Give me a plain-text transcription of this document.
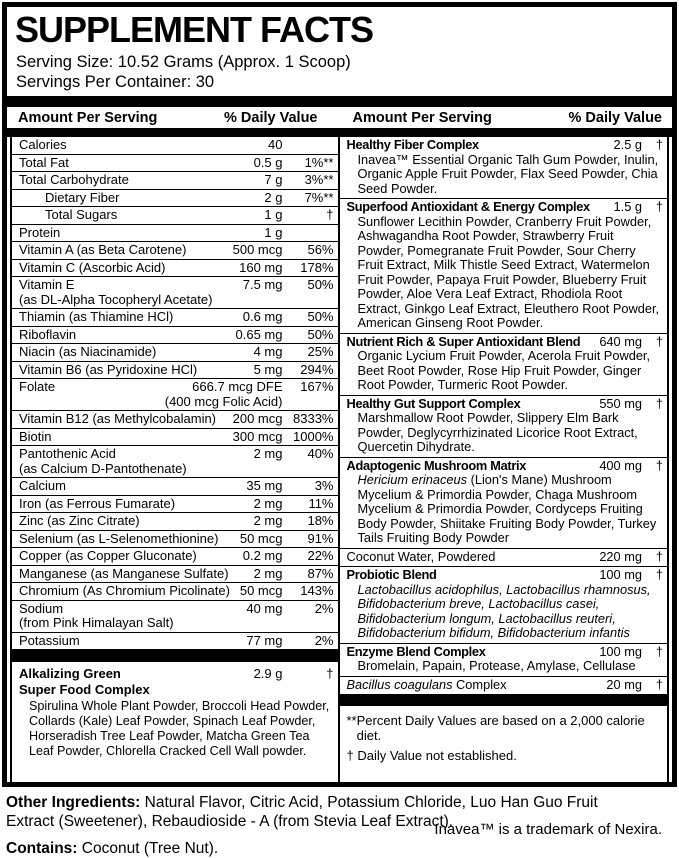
SUPPLEMENT FACTS
Serving Size: 10.52 Grams (Approx. 1 Scoop)
Servings Per Container: 30
Amount Per Serving	% Daily Value Amount Per Serving	% Daily Value
Calories	40
Total Fat	0.5 g	1%**
Total Carbohydrate	7 g	3%**
Dietary Fiber	2 g	7%**
Total Sugars	1 g	†
Protein	1 g
Vitamin A (as Beta Carotene)	500 mcg	56%
Vitamin C (Ascorbic Acid)	160 mg	178%
Vitamin E	7.5 mg	50%
(as DL-Alpha Tocopheryl Acetate)
Thiamin (as Thiamine HCl)	0.6 mg	50%
Riboflavin	0.65 mg	50%
Niacin (as Niacinamide)	4 mg	25%
Vitamin B6 (as Pyridoxine HCl)	5 mg	294%
Folate	666.7 mcg DFE	167%
(400 mcg Folic Acid)
Vitamin B12 (as Methylcobalamin)	200 mcg 8333%
Biotin	300 mcg 1000%
Pantothenic Acid	2 mg	40%
(as Calcium D-Pantothenate)
Calcium	35 mg	3%
Iron (as Ferrous Fumarate)	2 mg	11%
Zinc (as Zinc Citrate)	2 mg	18%
Selenium (as L-Selenomethionine)	50 mcg	91%
Copper (as Copper Gluconate)	0.2 mg	22%
Manganese (as Manganese Sulfate)	2 mg	87%
Chromium (As Chromium Picolinate) 50 mcg	143%
Sodium	40 mg	2%
(from Pink Himalayan Salt)
Potassium	77 mg	2%
Alkalizing Green
Super Food Complex
2.9 g	†
Spirulina Whole Plant Powder, Broccoli Head Powder, Collards (Kale) Leaf Powder, Spinach Leaf Powder, Horseradish Tree Leaf Powder, Matcha Green Tea Leaf Powder, Chlorella Cracked Cell Wall powder.
Healthy Fiber Complex	2.5 g	†
Inavea™ Essential Organic Talh Gum Powder, Inulin, Organic Apple Fruit Powder, Flax Seed Powder, Chia Seed Powder.
Superfood Antioxidant & Energy Complex	1.5 g	†
Sunflower Lecithin Powder, Cranberry Fruit Powder, Ashwagandha Root Powder, Strawberry Fruit Powder, Pomegranate Fruit Powder, Sour Cherry Fruit Extract, Milk Thistle Seed Extract, Watermelon Fruit Powder, Papaya Fruit Powder, Blueberry Fruit Powder, Aloe Vera Leaf Extract, Rhodiola Root Extract, Ginkgo Leaf Extract, Eleuthero Root Powder, American Ginseng Root Powder.
Nutrient Rich & Super Antioxidant Blend	640 mg	†
Organic Lycium Fruit Powder, Acerola Fruit Powder, Beet Root Powder, Rose Hip Fruit Powder, Ginger Root Powder, Turmeric Root Powder.
Healthy Gut Support Complex	550 mg	†
Marshmallow Root Powder, Slippery Elm Bark Powder, Deglycyrrhizinated Licorice Root Extract, Quercetin Dihydrate.
Adaptogenic Mushroom Matrix	400 mg	†
Hericium erinaceus (Lion's Mane) Mushroom Mycelium & Primordia Powder, Chaga Mushroom Mycelium & Primordia Powder, Cordyceps Fruiting Body Powder, Shiitake Fruiting Body Powder, Turkey Tails Fruiting Body Powder
Coconut Water, Powdered	220 mg	†
Probiotic Blend	100 mg	†
Lactobacillus acidophilus, Lactobacillus rhamnosus, Bifidobacterium breve, Lactobacillus casei, Bifidobacterium longum, Lactobacillus reuteri, Bifidobacterium bifidum, Bifidobacterium infantis
Enzyme Blend Complex	100 mg	†
Bromelain, Papain, Protease, Amylase, Cellulase
Bacillus coagulans Complex	20 mg	†
** Percent Daily Values are based on a 2,000 calorie diet.
† Daily Value not established.

Other Ingredients: Natural Flavor, Citric Acid, Potassium Chloride, Luo Han Guo Fruit Extract (Sweetener), Rebaudioside - A (from Stevia Leaf Extract).

Inavea™ is a trademark of Nexira.

Contains: Coconut (Tree Nut).
